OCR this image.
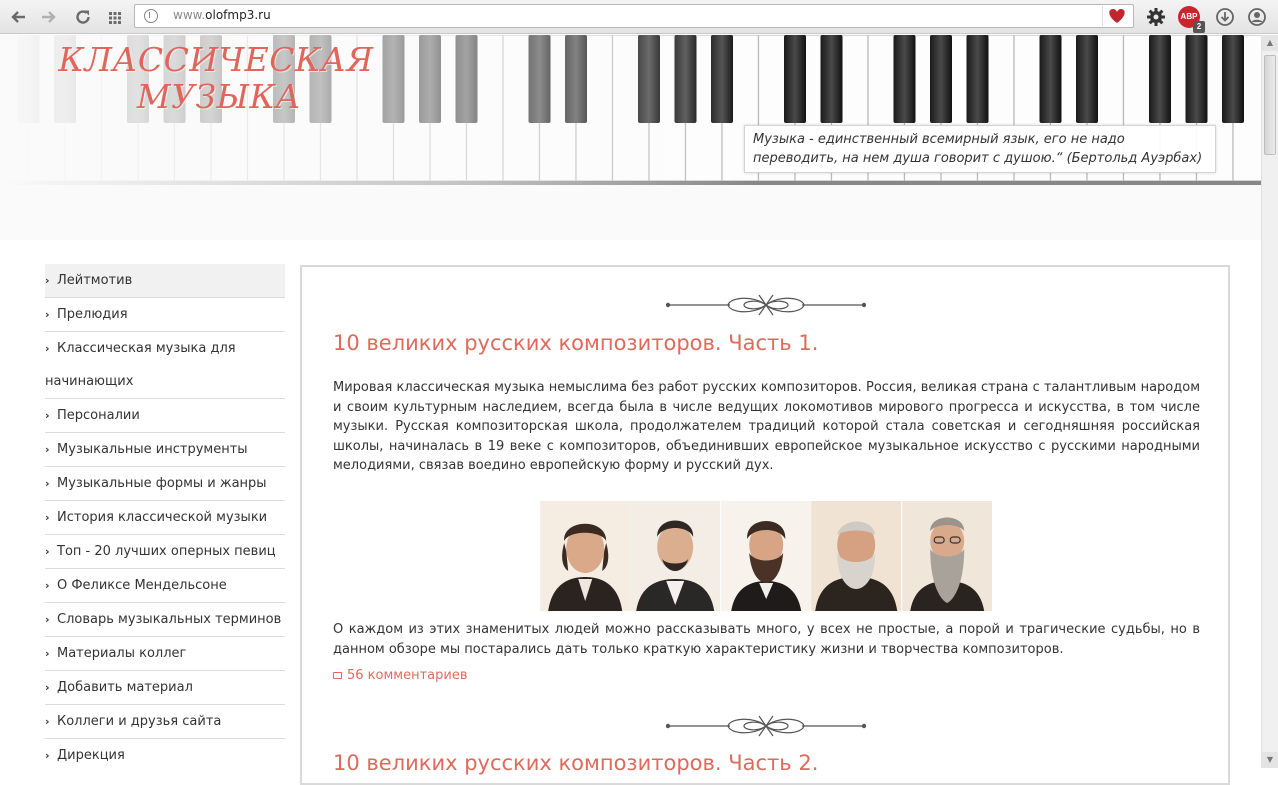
www.olofmp3.ru	ABP
2
▲
▼
КЛАССИЧЕСКАЯ
МУЗЫКА
Музыка - единственный всемирный язык, его не надо переводить, на нем душа говорит с душою.“ (Бертольд Ауэрбах)
› Лейтмотив
› Прелюдия
› Классическая музыка для начинающих
› Персоналии
› Музыкальные инструменты
› Музыкальные формы и жанры
› История классической музыки
› Топ - 20 лучших оперных певиц
› О Феликсе Мендельсоне
› Словарь музыкальных терминов
› Материалы коллег
› Добавить материал
› Коллеги и друзья сайта
› Дирекция
10 великих русских композиторов. Часть 1.

Мировая классическая музыка немыслима без работ русских композиторов. Россия, великая страна с талантливым народом и своим культурным наследием, всегда была в числе ведущих локомотивов мирового прогресса и искусства, в том числе музыки. Русская композиторская школа, продолжателем традиций которой стала советская и сегодняшняя российская школы, начиналась в 19 веке с композиторов, объединивших европейское музыкальное искусство с русскими народными мелодиями, связав воедино европейскую форму и русский дух.

О каждом из этих знаменитых людей можно рассказывать много, у всех не простые, а порой и трагические судьбы, но в данном обзоре мы постарались дать только краткую характеристику жизни и творчества композиторов.

56 комментариев
10 великих русских композиторов. Часть 2.
